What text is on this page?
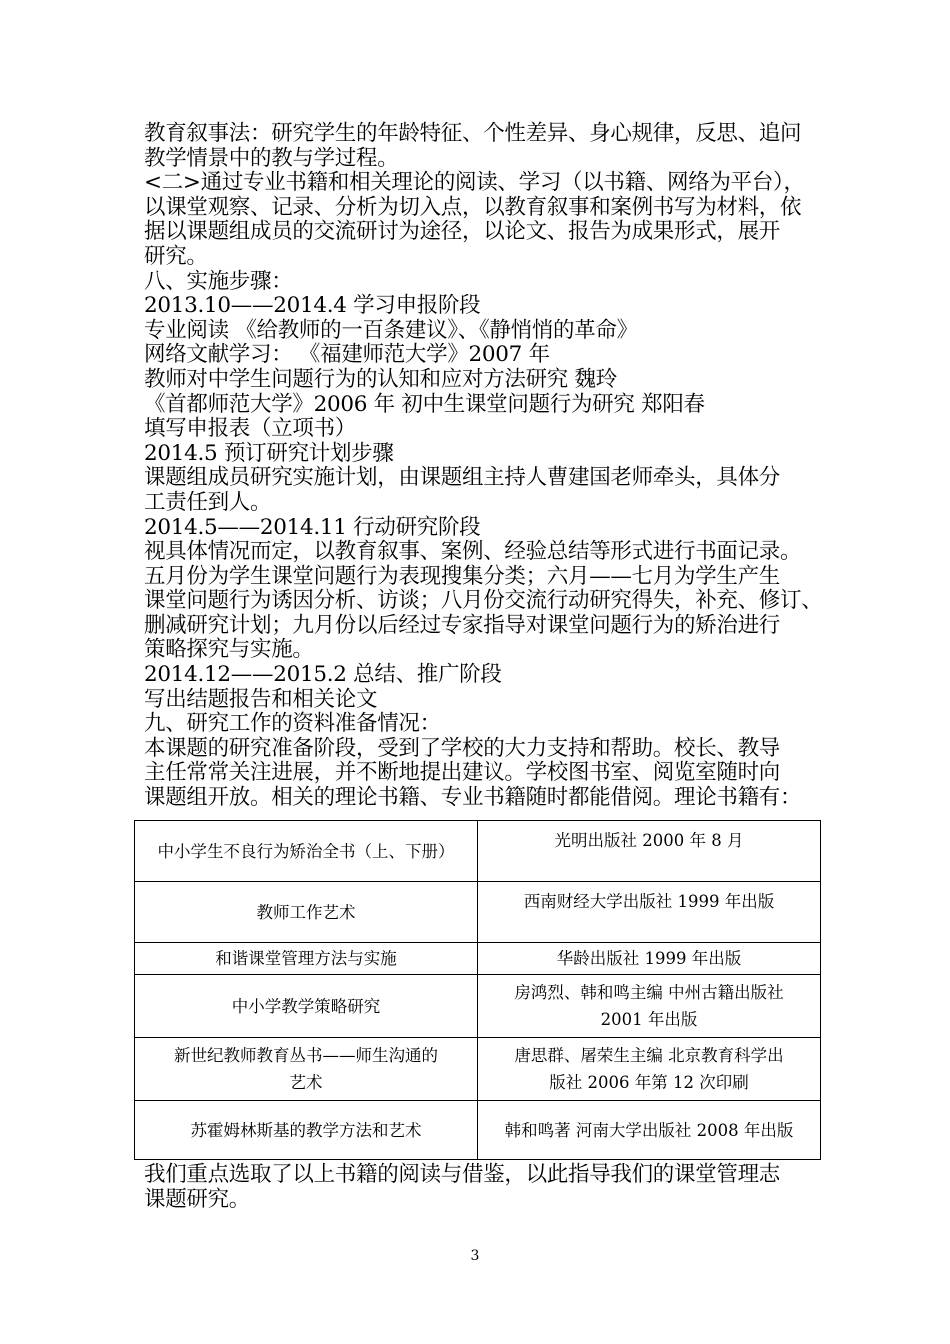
教育叙事法：研究学生的年龄特征、个性差异、身心规律，反思、追问
教学情景中的教与学过程。
<二>通过专业书籍和相关理论的阅读、学习（以书籍、网络为平台），
以课堂观察、记录、分析为切入点，以教育叙事和案例书写为材料，依
据以课题组成员的交流研讨为途径，以论文、报告为成果形式，展开
研究。
八、实施步骤：
2013.10——2014.4 学习申报阶段
专业阅读 《给教师的一百条建议》、《静悄悄的革命》
网络文献学习： 《福建师范大学》2007 年
教师对中学生问题行为的认知和应对方法研究 魏玲
《首都师范大学》2006 年 初中生课堂问题行为研究 郑阳春
填写申报表（立项书）
2014.5 预订研究计划步骤
课题组成员研究实施计划，由课题组主持人曹建国老师牵头，具体分
工责任到人。
2014.5——2014.11 行动研究阶段
视具体情况而定，以教育叙事、案例、经验总结等形式进行书面记录。
五月份为学生课堂问题行为表现搜集分类；六月——七月为学生产生
课堂问题行为诱因分析、访谈；八月份交流行动研究得失，补充、修订、
删减研究计划；九月份以后经过专家指导对课堂问题行为的矫治进行
策略探究与实施。
2014.12——2015.2 总结、推广阶段
写出结题报告和相关论文
九、研究工作的资料准备情况：
本课题的研究准备阶段，受到了学校的大力支持和帮助。校长、教导
主任常常关注进展，并不断地提出建议。学校图书室、阅览室随时向
课题组开放。相关的理论书籍、专业书籍随时都能借阅。理论书籍有：
中小学生不良行为矫治全书（上、下册）	光明出版社 2000 年 8 月
教师工作艺术	西南财经大学出版社 1999 年出版
和谐课堂管理方法与实施	华龄出版社 1999 年出版
中小学教学策略研究	房鸿烈、韩和鸣主编 中州古籍出版社
2001 年出版
新世纪教师教育丛书——师生沟通的
艺术	唐思群、屠荣生主编 北京教育科学出
版社 2006 年第 12 次印刷
苏霍姆林斯基的教学方法和艺术	韩和鸣著 河南大学出版社 2008 年出版
我们重点选取了以上书籍的阅读与借鉴，以此指导我们的课堂管理志
课题研究。
3
